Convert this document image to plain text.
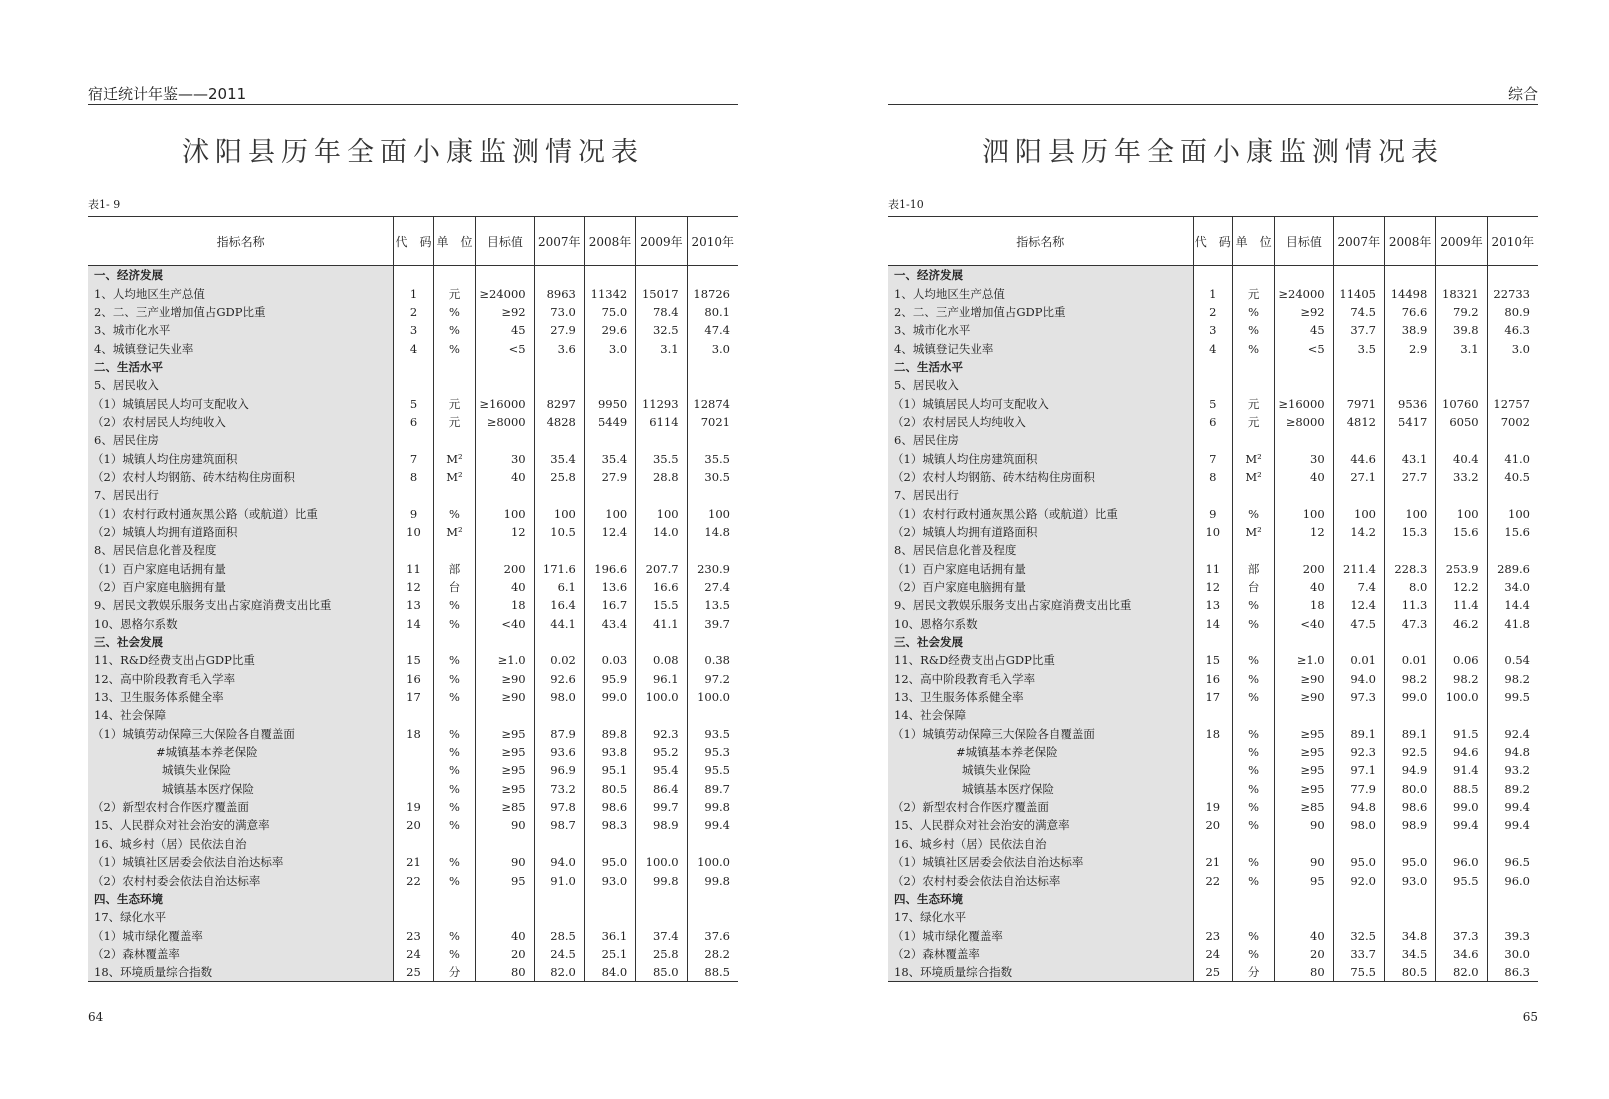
宿迁统计年鉴——2011
沭阳县历年全面小康监测情况表
表1- 9
指标名称	代　码	单　位	目标值	2007年	2008年	2009年	2010年
一、经济发展							
1、人均地区生产总值	1	元	≥24000	8963	11342	15017	18726
2、二、三产业增加值占GDP比重	2	%	≥92	73.0	75.0	78.4	80.1
3、城市化水平	3	%	45	27.9	29.6	32.5	47.4
4、城镇登记失业率	4	%	<5	3.6	3.0	3.1	3.0
二、生活水平							
5、居民收入							
（1）城镇居民人均可支配收入	5	元	≥16000	8297	9950	11293	12874
（2）农村居民人均纯收入	6	元	≥8000	4828	5449	6114	7021
6、居民住房							
（1）城镇人均住房建筑面积	7	M²	30	35.4	35.4	35.5	35.5
（2）农村人均钢筋、砖木结构住房面积	8	M²	40	25.8	27.9	28.8	30.5
7、居民出行							
（1）农村行政村通灰黑公路（或航道）比重	9	%	100	100	100	100	100
（2）城镇人均拥有道路面积	10	M²	12	10.5	12.4	14.0	14.8
8、居民信息化普及程度							
（1）百户家庭电话拥有量	11	部	200	171.6	196.6	207.7	230.9
（2）百户家庭电脑拥有量	12	台	40	6.1	13.6	16.6	27.4
9、居民文教娱乐服务支出占家庭消费支出比重	13	%	18	16.4	16.7	15.5	13.5
10、恩格尔系数	14	%	<40	44.1	43.4	41.1	39.7
三、社会发展							
11、R&D经费支出占GDP比重	15	%	≥1.0	0.02	0.03	0.08	0.38
12、高中阶段教育毛入学率	16	%	≥90	92.6	95.9	96.1	97.2
13、卫生服务体系健全率	17	%	≥90	98.0	99.0	100.0	100.0
14、社会保障							
（1）城镇劳动保障三大保险各自覆盖面	18	%	≥95	87.9	89.8	92.3	93.5
#城镇基本养老保险		%	≥95	93.6	93.8	95.2	95.3
城镇失业保险		%	≥95	96.9	95.1	95.4	95.5
城镇基本医疗保险		%	≥95	73.2	80.5	86.4	89.7
（2）新型农村合作医疗覆盖面	19	%	≥85	97.8	98.6	99.7	99.8
15、人民群众对社会治安的满意率	20	%	90	98.7	98.3	98.9	99.4
16、城乡村（居）民依法自治							
（1）城镇社区居委会依法自治达标率	21	%	90	94.0	95.0	100.0	100.0
（2）农村村委会依法自治达标率	22	%	95	91.0	93.0	99.8	99.8
四、生态环境							
17、绿化水平							
（1）城市绿化覆盖率	23	%	40	28.5	36.1	37.4	37.6
（2）森林覆盖率	24	%	20	24.5	25.1	25.8	28.2
18、环境质量综合指数	25	分	80	82.0	84.0	85.0	88.5
64
综合
泗阳县历年全面小康监测情况表
表1-10
指标名称	代　码	单　位	目标值	2007年	2008年	2009年	2010年
一、经济发展							
1、人均地区生产总值	1	元	≥24000	11405	14498	18321	22733
2、二、三产业增加值占GDP比重	2	%	≥92	74.5	76.6	79.2	80.9
3、城市化水平	3	%	45	37.7	38.9	39.8	46.3
4、城镇登记失业率	4	%	<5	3.5	2.9	3.1	3.0
二、生活水平							
5、居民收入							
（1）城镇居民人均可支配收入	5	元	≥16000	7971	9536	10760	12757
（2）农村居民人均纯收入	6	元	≥8000	4812	5417	6050	7002
6、居民住房							
（1）城镇人均住房建筑面积	7	M²	30	44.6	43.1	40.4	41.0
（2）农村人均钢筋、砖木结构住房面积	8	M²	40	27.1	27.7	33.2	40.5
7、居民出行							
（1）农村行政村通灰黑公路（或航道）比重	9	%	100	100	100	100	100
（2）城镇人均拥有道路面积	10	M²	12	14.2	15.3	15.6	15.6
8、居民信息化普及程度							
（1）百户家庭电话拥有量	11	部	200	211.4	228.3	253.9	289.6
（2）百户家庭电脑拥有量	12	台	40	7.4	8.0	12.2	34.0
9、居民文教娱乐服务支出占家庭消费支出比重	13	%	18	12.4	11.3	11.4	14.4
10、恩格尔系数	14	%	<40	47.5	47.3	46.2	41.8
三、社会发展							
11、R&D经费支出占GDP比重	15	%	≥1.0	0.01	0.01	0.06	0.54
12、高中阶段教育毛入学率	16	%	≥90	94.0	98.2	98.2	98.2
13、卫生服务体系健全率	17	%	≥90	97.3	99.0	100.0	99.5
14、社会保障							
（1）城镇劳动保障三大保险各自覆盖面	18	%	≥95	89.1	89.1	91.5	92.4
#城镇基本养老保险		%	≥95	92.3	92.5	94.6	94.8
城镇失业保险		%	≥95	97.1	94.9	91.4	93.2
城镇基本医疗保险		%	≥95	77.9	80.0	88.5	89.2
（2）新型农村合作医疗覆盖面	19	%	≥85	94.8	98.6	99.0	99.4
15、人民群众对社会治安的满意率	20	%	90	98.0	98.9	99.4	99.4
16、城乡村（居）民依法自治							
（1）城镇社区居委会依法自治达标率	21	%	90	95.0	95.0	96.0	96.5
（2）农村村委会依法自治达标率	22	%	95	92.0	93.0	95.5	96.0
四、生态环境							
17、绿化水平							
（1）城市绿化覆盖率	23	%	40	32.5	34.8	37.3	39.3
（2）森林覆盖率	24	%	20	33.7	34.5	34.6	30.0
18、环境质量综合指数	25	分	80	75.5	80.5	82.0	86.3
65
